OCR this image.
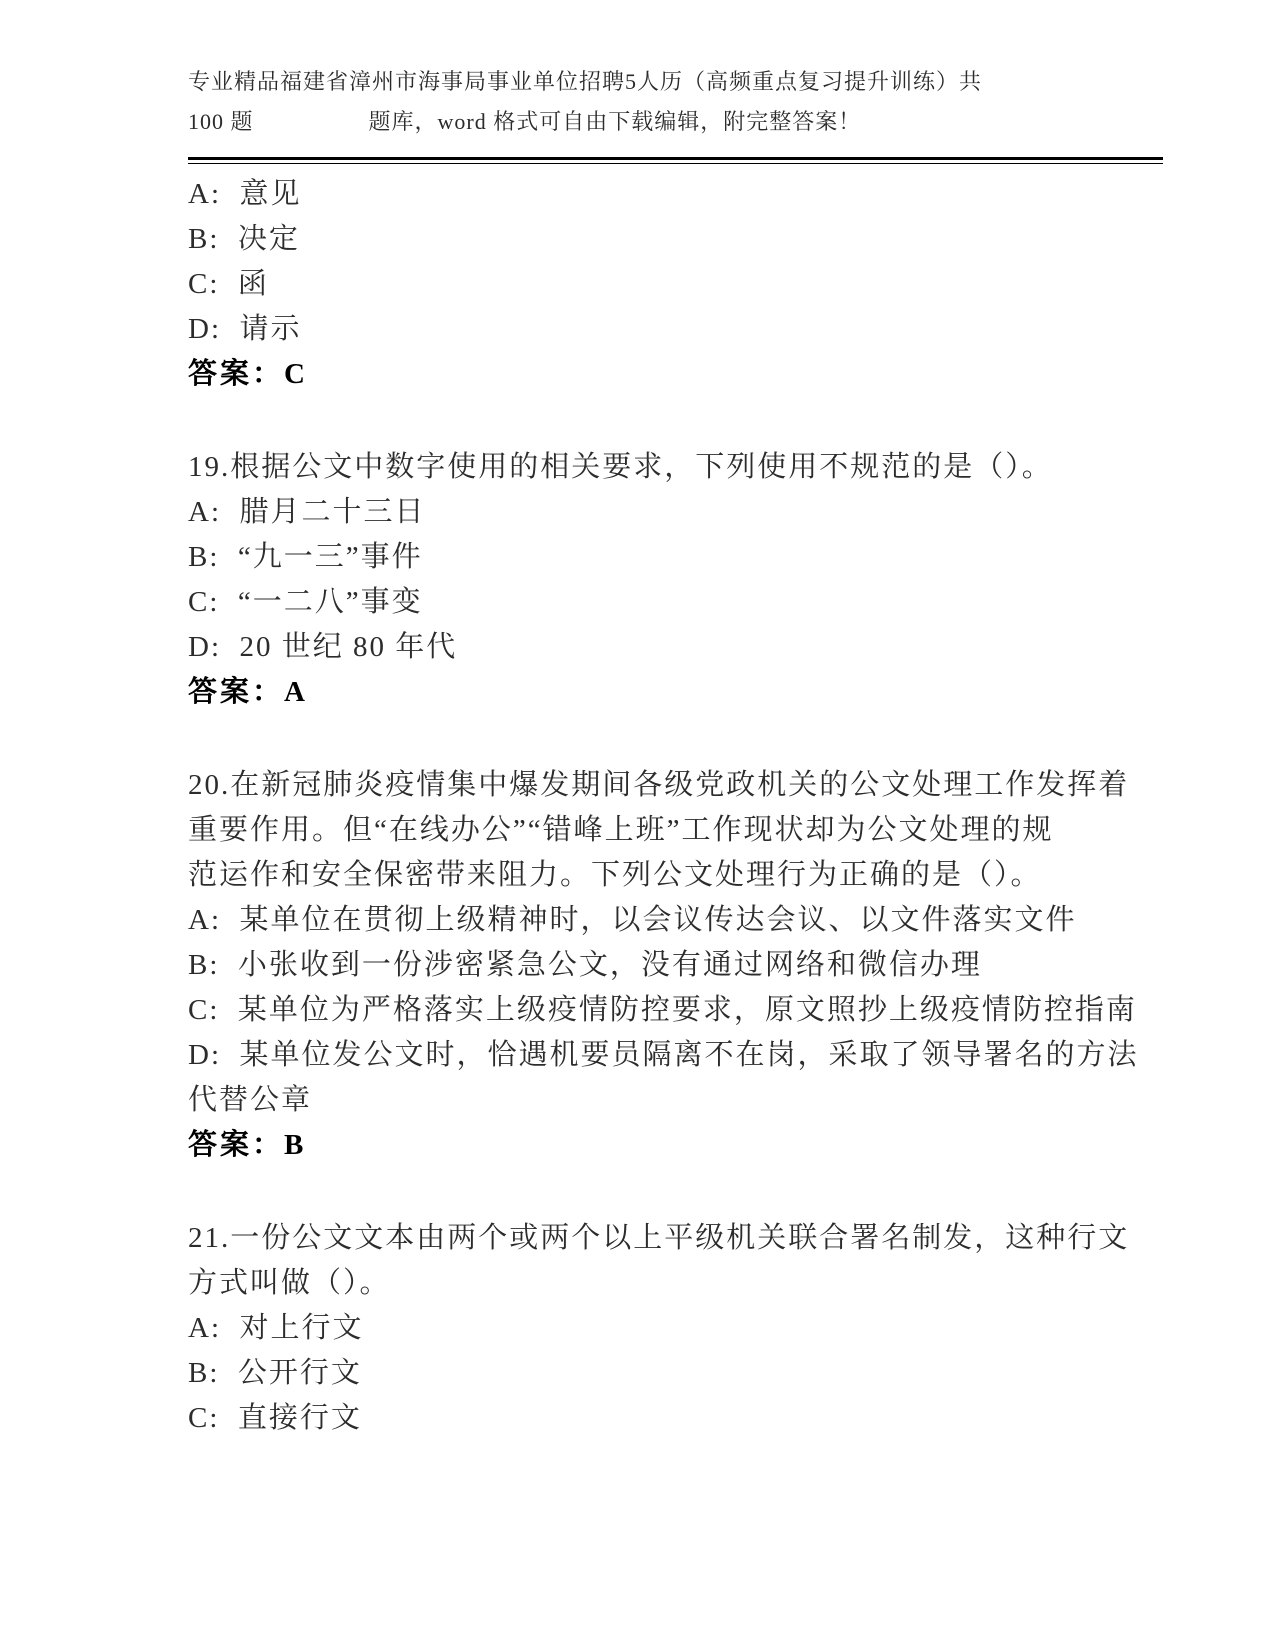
专业精品福建省漳州市海事局事业单位招聘5人历（高频重点复习提升训练）共
100 题　　　　　题库，word 格式可自由下载编辑，附完整答案！
A:  意见
B:  决定
C:  函
D:  请示
答案：C
19.根据公文中数字使用的相关要求，下列使用不规范的是（）。
A:  腊月二十三日
B:  “九一三”事件
C:  “一二八”事变
D:  20 世纪 80 年代
答案：A
20.在新冠肺炎疫情集中爆发期间各级党政机关的公文处理工作发挥着
重要作用。但“在线办公”“错峰上班”工作现状却为公文处理的规
范运作和安全保密带来阻力。下列公文处理行为正确的是（）。
A:  某单位在贯彻上级精神时，以会议传达会议、以文件落实文件
B:  小张收到一份涉密紧急公文，没有通过网络和微信办理
C:  某单位为严格落实上级疫情防控要求，原文照抄上级疫情防控指南
D:  某单位发公文时，恰遇机要员隔离不在岗，采取了领导署名的方法
代替公章
答案：B
21.一份公文文本由两个或两个以上平级机关联合署名制发，这种行文
方式叫做（）。
A:  对上行文
B:  公开行文
C:  直接行文
